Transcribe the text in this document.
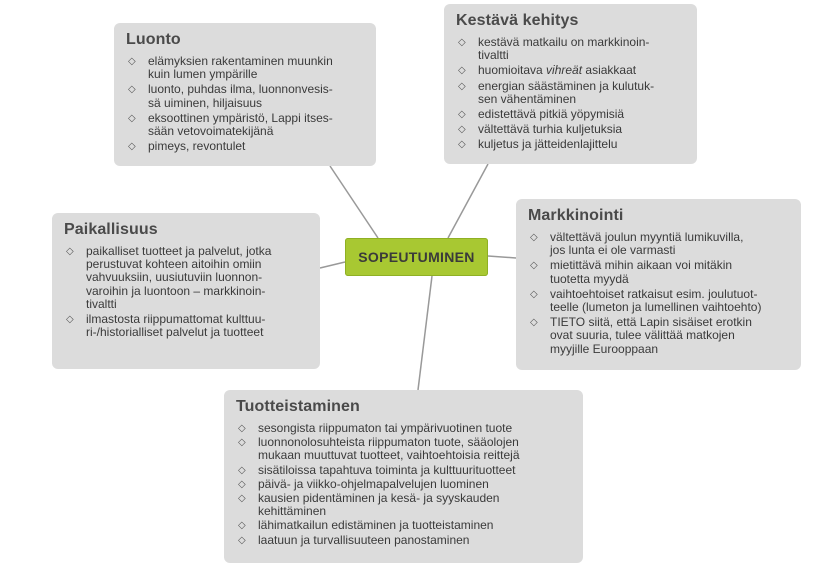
SOPEUTUMINEN
Luonto
◇ elämyksien rakentaminen muunkin
kuin lumen ympärille
◇ luonto, puhdas ilma, luonnonvesis-
sä uiminen, hiljaisuus
◇ eksoottinen ympäristö, Lappi itses-
sään vetovoimatekijänä
◇ pimeys, revontulet
Kestävä kehitys
◇ kestävä matkailu on markkinoin-
tivaltti
◇ huomioitava vihreät asiakkaat
◇ energian säästäminen ja kulutuk-
sen vähentäminen
◇ edistettävä pitkiä yöpymisiä
◇ vältettävä turhia kuljetuksia
◇ kuljetus ja jätteidenlajittelu
Paikallisuus
◇ paikalliset tuotteet ja palvelut, jotka
perustuvat kohteen aitoihin omiin
vahvuuksiin, uusiutuviin luonnon-
varoihin ja luontoon – markkinoin-
tivaltti
◇ ilmastosta riippumattomat kulttuu-
ri-/historialliset palvelut ja tuotteet
Markkinointi
◇ vältettävä joulun myyntiä lumikuvilla,
jos lunta ei ole varmasti
◇ mietittävä mihin aikaan voi mitäkin
tuotetta myydä
◇ vaihtoehtoiset ratkaisut esim. joulutuot-
teelle (lumeton ja lumellinen vaihtoehto)
◇ TIETO siitä, että Lapin sisäiset erotkin
ovat suuria, tulee välittää matkojen
myyjille Eurooppaan
Tuotteistaminen
◇ sesongista riippumaton tai ympärivuotinen tuote
◇ luonnonolosuhteista riippumaton tuote, sääolojen
mukaan muuttuvat tuotteet, vaihtoehtoisia reittejä
◇ sisätiloissa tapahtuva toiminta ja kulttuurituotteet
◇ päivä- ja viikko-ohjelmapalvelujen luominen
◇ kausien pidentäminen ja kesä- ja syyskauden
kehittäminen
◇ lähimatkailun edistäminen ja tuotteistaminen
◇ laatuun ja turvallisuuteen panostaminen
